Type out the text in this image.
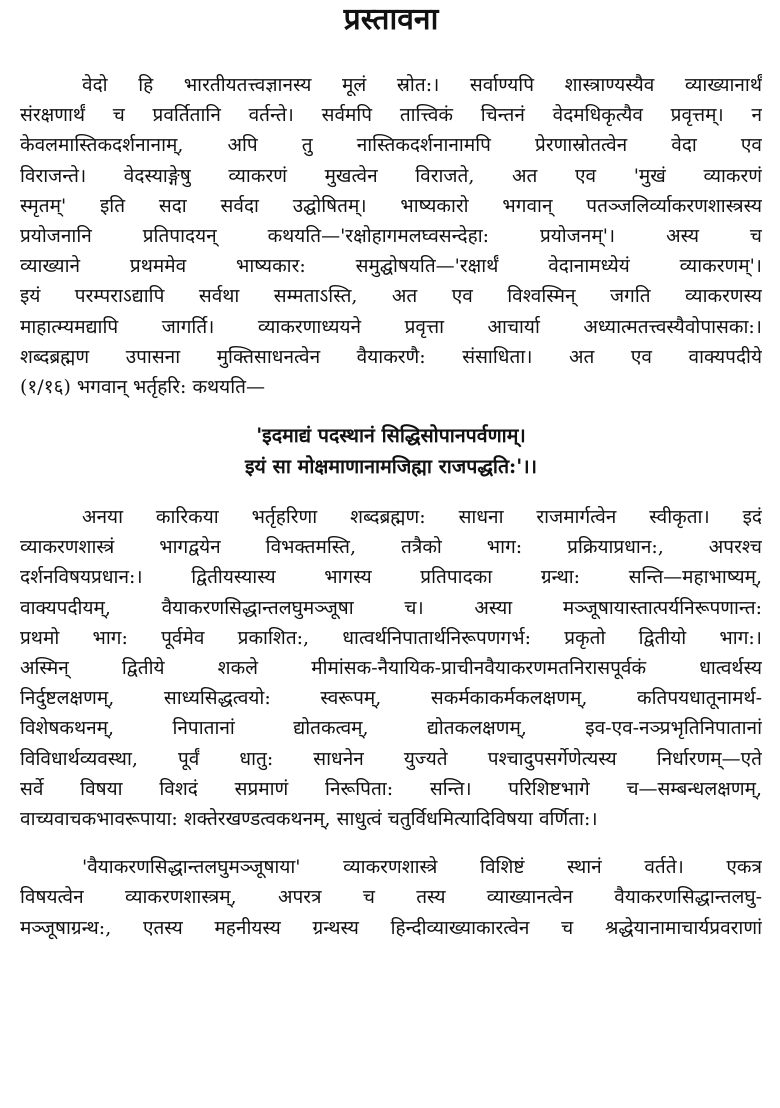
प्रस्तावना
वेदो हि भारतीयतत्त्वज्ञानस्य मूलं स्रोत:। सर्वाण्यपि शास्त्राण्यस्यैव व्याख्यानार्थं
संरक्षणार्थं च प्रवर्तितानि वर्तन्ते। सर्वमपि तात्त्विकं चिन्तनं वेदमधिकृत्यैव प्रवृत्तम्। न
केवलमास्तिकदर्शनानाम्, अपि तु नास्तिकदर्शनानामपि प्रेरणास्रोतत्वेन वेदा एव
विराजन्ते। वेदस्याङ्गेषु व्याकरणं मुखत्वेन विराजते, अत एव 'मुखं व्याकरणं
स्मृतम्' इति सदा सर्वदा उद्घोषितम्। भाष्यकारो भगवान् पतञ्जलिर्व्याकरणशास्त्रस्य
प्रयोजनानि प्रतिपादयन् कथयति—'रक्षोहागमलघ्वसन्देहा: प्रयोजनम्'। अस्य च
व्याख्याने प्रथममेव भाष्यकार: समुद्घोषयति—'रक्षार्थं वेदानामध्येयं व्याकरणम्'।
इयं परम्पराऽद्यापि सर्वथा सम्मताऽस्ति, अत एव विश्वस्मिन् जगति व्याकरणस्य
माहात्म्यमद्यापि जागर्ति। व्याकरणाध्ययने प्रवृत्ता आचार्या अध्यात्मतत्त्वस्यैवोपासका:।
शब्दब्रह्मण उपासना मुक्तिसाधनत्वेन वैयाकरणै: संसाधिता। अत एव वाक्यपदीये
(१/१६) भगवान् भर्तृहरि: कथयति—
'इदमाद्यं पदस्थानं सिद्धिसोपानपर्वणाम्।
इयं सा मोक्षमाणानामजिह्मा राजपद्धति:'।।
अनया कारिकया भर्तृहरिणा शब्दब्रह्मण: साधना राजमार्गत्वेन स्वीकृता। इदं
व्याकरणशास्त्रं भागद्वयेन विभक्तमस्ति, तत्रैको भाग: प्रक्रियाप्रधान:, अपरश्च
दर्शनविषयप्रधान:। द्वितीयस्यास्य भागस्य प्रतिपादका ग्रन्था: सन्ति—महाभाष्यम्,
वाक्यपदीयम्, वैयाकरणसिद्धान्तलघुमञ्जूषा च। अस्या मञ्जूषायास्तात्पर्यनिरूपणान्त:
प्रथमो भाग: पूर्वमेव प्रकाशित:, धात्वर्थनिपातार्थनिरूपणगर्भ: प्रकृतो द्वितीयो भाग:।
अस्मिन् द्वितीये शकले मीमांसक-नैयायिक-प्राचीनवैयाकरणमतनिरासपूर्वकं धात्वर्थस्य
निर्दुष्टलक्षणम्, साध्यसिद्धत्वयो: स्वरूपम्, सकर्मकाकर्मकलक्षणम्, कतिपयधातूनामर्थ-
विशेषकथनम्, निपातानां द्योतकत्वम्, द्योतकलक्षणम्, इव-एव-नञ्प्रभृतिनिपातानां
विविधार्थव्यवस्था, पूर्वं धातु: साधनेन युज्यते पश्चादुपसर्गेणेत्यस्य निर्धारणम्—एते
सर्वे विषया विशदं सप्रमाणं निरूपिता: सन्ति। परिशिष्टभागे च—सम्बन्धलक्षणम्,
वाच्यवाचकभावरूपाया: शक्तेरखण्डत्वकथनम्, साधुत्वं चतुर्विधमित्यादिविषया वर्णिता:।
'वैयाकरणसिद्धान्तलघुमञ्जूषाया' व्याकरणशास्त्रे विशिष्टं स्थानं वर्तते। एकत्र
विषयत्वेन व्याकरणशास्त्रम्, अपरत्र च तस्य व्याख्यानत्वेन वैयाकरणसिद्धान्तलघु-
मञ्जूषाग्रन्थ:, एतस्य महनीयस्य ग्रन्थस्य हिन्दीव्याख्याकारत्वेन च श्रद्धेयानामाचार्यप्रवराणां
